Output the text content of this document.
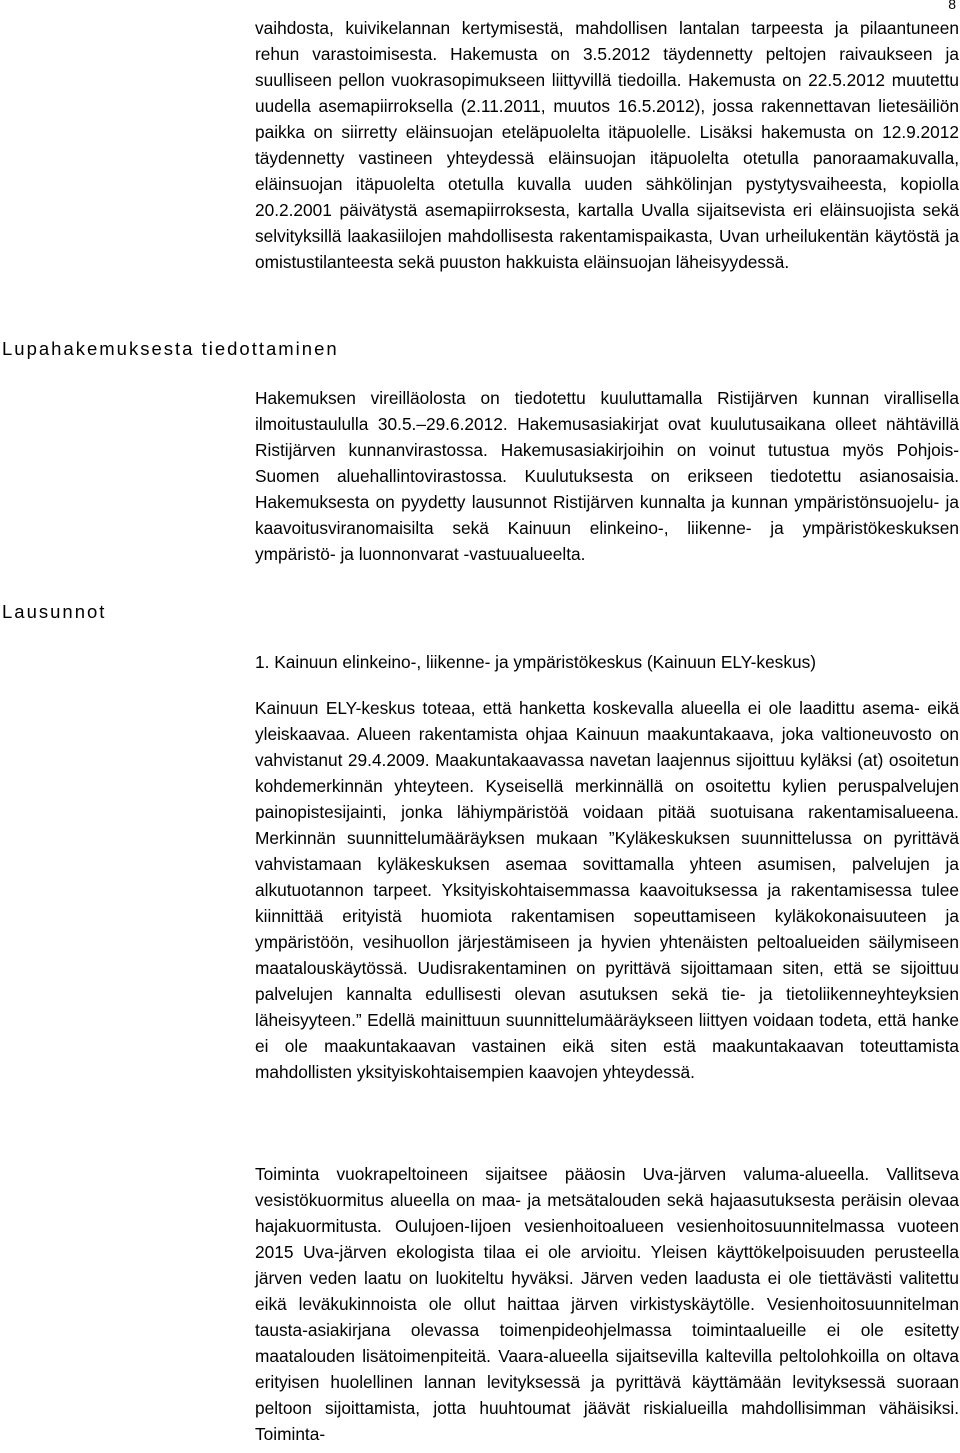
8

vaihdosta, kuivikelannan kertymisestä, mahdollisen lantalan tarpeesta ja pilaantuneen rehun varastoimisesta. Hakemusta on 3.5.2012 täydennetty peltojen raivaukseen ja suulliseen pellon vuokrasopimukseen liittyvillä tiedoilla. Hakemusta on 22.5.2012 muutettu uudella asemapiirroksella (2.11.2011, muutos 16.5.2012), jossa rakennettavan lietesäiliön paikka on siirretty eläinsuojan eteläpuolelta itäpuolelle. Lisäksi hakemusta on 12.9.2012 täydennetty vastineen yhteydessä eläinsuojan itäpuolelta otetulla panoraamakuvalla, eläinsuojan itäpuolelta otetulla kuvalla uuden sähkölinjan pystytysvaiheesta, kopiolla 20.2.2001 päivätystä asemapiirroksesta, kartalla Uvalla sijaitsevista eri eläinsuojista sekä selvityksillä laakasiilojen mahdollisesta rakentamispaikasta, Uvan urheilukentän käytöstä ja omistustilanteesta sekä puuston hakkuista eläinsuojan läheisyydessä.

Lupahakemuksesta tiedottaminen

Hakemuksen vireilläolosta on tiedotettu kuuluttamalla Ristijärven kunnan virallisella ilmoitustaululla 30.5.–29.6.2012. Hakemusasiakirjat ovat kuulutusaikana olleet nähtävillä Ristijärven kunnanvirastossa. Hakemusasiakirjoihin on voinut tutustua myös Pohjois-Suomen aluehallintovirastossa. Kuulutuksesta on erikseen tiedotettu asianosaisia. Hakemuksesta on pyydetty lausunnot Ristijärven kunnalta ja kunnan ympäristönsuojelu- ja kaavoitusviranomaisilta sekä Kainuun elinkeino-, liikenne- ja ympäristökeskuksen ympäristö- ja luonnonvarat -vastuualueelta.

Lausunnot

1. Kainuun elinkeino-, liikenne- ja ympäristökeskus (Kainuun ELY-keskus)

Kainuun ELY-keskus toteaa, että hanketta koskevalla alueella ei ole laadittu asema- eikä yleiskaavaa. Alueen rakentamista ohjaa Kainuun maakuntakaava, joka valtioneuvosto on vahvistanut 29.4.2009. Maakuntakaavassa navetan laajennus sijoittuu kyläksi (at) osoitetun kohdemerkinnän yhteyteen. Kyseisellä merkinnällä on osoitettu kylien peruspalvelujen painopistesijainti, jonka lähiympäristöä voidaan pitää suotuisana rakentamisalueena. Merkinnän suunnittelumääräyksen mukaan ”Kyläkeskuksen suunnittelussa on pyrittävä vahvistamaan kyläkeskuksen asemaa sovittamalla yhteen asumisen, palvelujen ja alkutuotannon tarpeet. Yksityiskohtaisemmassa kaavoituksessa ja rakentamisessa tulee kiinnittää erityistä huomiota rakentamisen sopeuttamiseen kyläkokonaisuuteen ja ympäristöön, vesihuollon järjestämiseen ja hyvien yhtenäisten peltoalueiden säilymiseen maatalouskäytössä. Uudisrakentaminen on pyrittävä sijoittamaan siten, että se sijoittuu palvelujen kannalta edullisesti olevan asutuksen sekä tie- ja tietoliikenneyhteyksien läheisyyteen.” Edellä mainittuun suunnittelumääräykseen liittyen voidaan todeta, että hanke ei ole maakuntakaavan vastainen eikä siten estä maakuntakaavan toteuttamista mahdollisten yksityiskohtaisempien kaavojen yhteydessä.

Toiminta vuokrapeltoineen sijaitsee pääosin Uva-järven valuma-alueella. Vallitseva vesistökuormitus alueella on maa- ja metsätalouden sekä hajaasutuksesta peräisin olevaa hajakuormitusta. Oulujoen-Iijoen vesienhoitoalueen vesienhoitosuunnitelmassa vuoteen 2015 Uva-järven ekologista tilaa ei ole arvioitu. Yleisen käyttökelpoisuuden perusteella järven veden laatu on luokiteltu hyväksi. Järven veden laadusta ei ole tiettävästi valitettu eikä leväkukinnoista ole ollut haittaa järven virkistyskäytölle. Vesienhoitosuunnitelman tausta-asiakirjana olevassa toimenpideohjelmassa toimintaalueille ei ole esitetty maatalouden lisätoimenpiteitä. Vaara-alueella sijaitsevilla kaltevilla peltolohkoilla on oltava erityisen huolellinen lannan levityksessä ja pyrittävä käyttämään levityksessä suoraan peltoon sijoittamista, jotta huuhtoumat jäävät riskialueilla mahdollisimman vähäisiksi. Toiminta-
